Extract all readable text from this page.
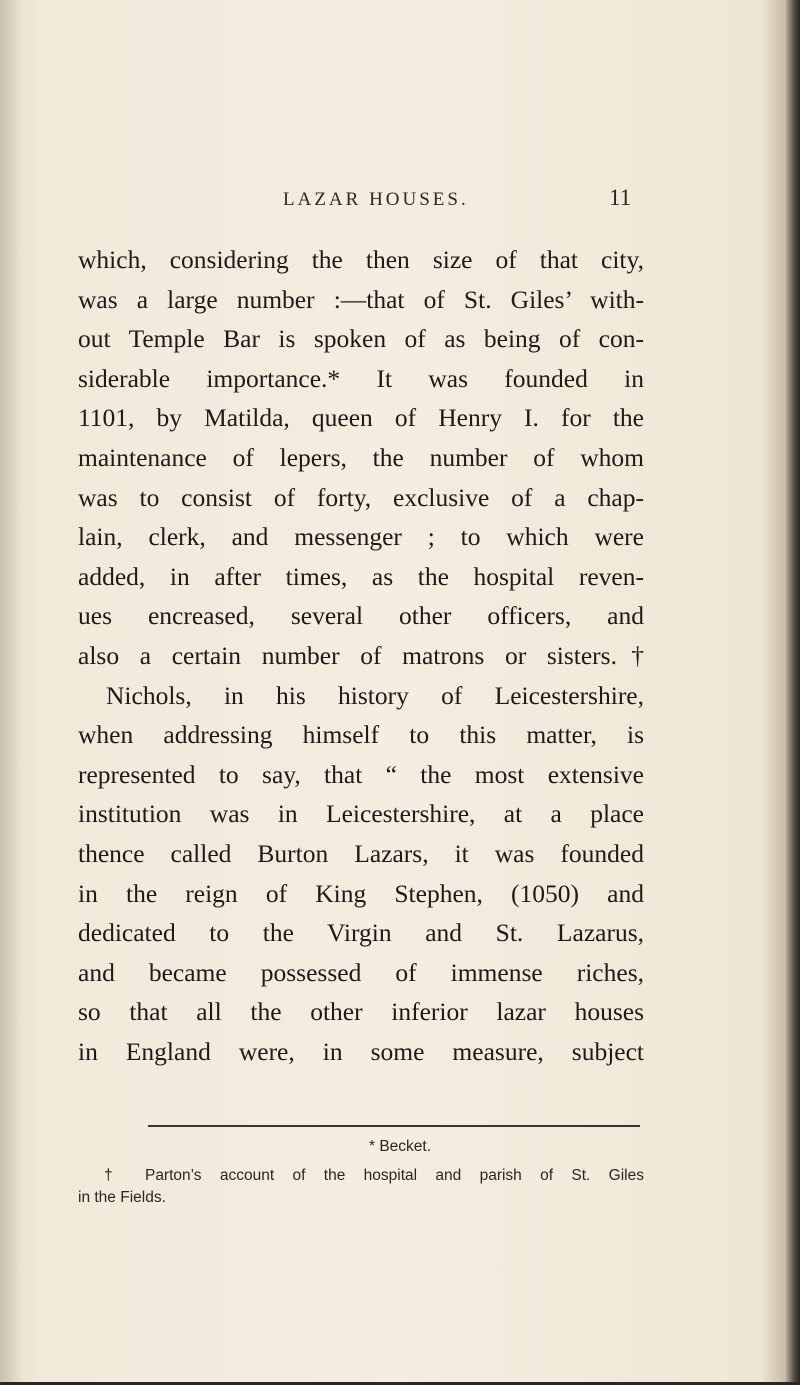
LAZAR HOUSES.	11
which, considering the then size of that city,
was a large number :—that of St. Giles’ with-
out Temple Bar is spoken of as being of con-
siderable importance.* It was founded in
1101, by Matilda, queen of Henry I. for the
maintenance of lepers, the number of whom
was to consist of forty, exclusive of a chap-
lain, clerk, and messenger ; to which were
added, in after times, as the hospital reven-
ues encreased, several other officers, and
also a certain number of matrons or sisters.†
Nichols, in his history of Leicestershire,
when addressing himself to this matter, is
represented to say, that “ the most extensive
institution was in Leicestershire, at a place
thence called Burton Lazars, it was founded
in the reign of King Stephen, (1050) and
dedicated to the Virgin and St. Lazarus,
and became possessed of immense riches,
so that all the other inferior lazar houses
in England were, in some measure, subject
* Becket.
† Parton’s account of the hospital and parish of St. Giles
in the Fields.
